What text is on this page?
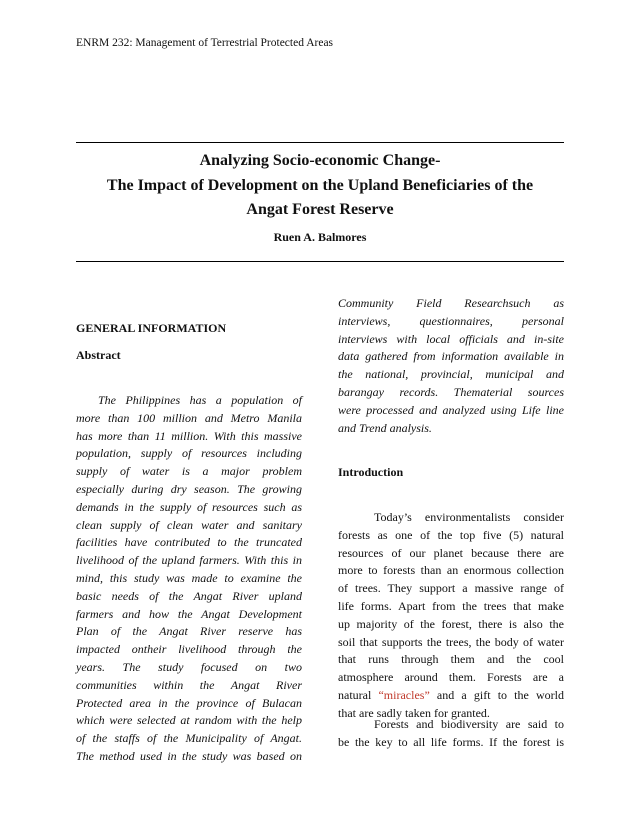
ENRM 232: Management of Terrestrial Protected Areas
Analyzing Socio-economic Change-
The Impact of Development on the Upland Beneficiaries of the
Angat Forest Reserve
Ruen A. Balmores
GENERAL INFORMATION
Abstract

The Philippines has a population of

more than 100 million and Metro Manila

has more than 11 million. With this massive

population, supply of resources including

supply of water is a major problem

especially during dry season. The growing

demands in the supply of resources such as

clean supply of clean water and sanitary

facilities have contributed to the truncated

livelihood of the upland farmers. With this in

mind, this study was made to examine the

basic needs of the Angat River upland

farmers and how the Angat Development

Plan of the Angat River reserve has

impacted ontheir livelihood through the

years. The study focused on two

communities within the Angat River

Protected area in the province of Bulacan

which were selected at random with the help

of the staffs of the Municipality of Angat.

The method used in the study was based on

Community Field Researchsuch as

interviews, questionnaires, personal

interviews with local officials and in-site

data gathered from information available in

the national, provincial, municipal and

barangay records. Thematerial sources

were processed and analyzed using Life line

and Trend analysis.

Introduction

Today’s environmentalists consider

forests as one of the top five (5) natural

resources of our planet because there are

more to forests than an enormous collection

of trees. They support a massive range of

life forms. Apart from the trees that make

up majority of the forest, there is also the

soil that supports the trees, the body of water

that runs through them and the cool

atmosphere around them. Forests are a

natural “miracles” and a gift to the world

that are sadly taken for granted.

Forests and biodiversity are said to

be the key to all life forms. If the forest is
